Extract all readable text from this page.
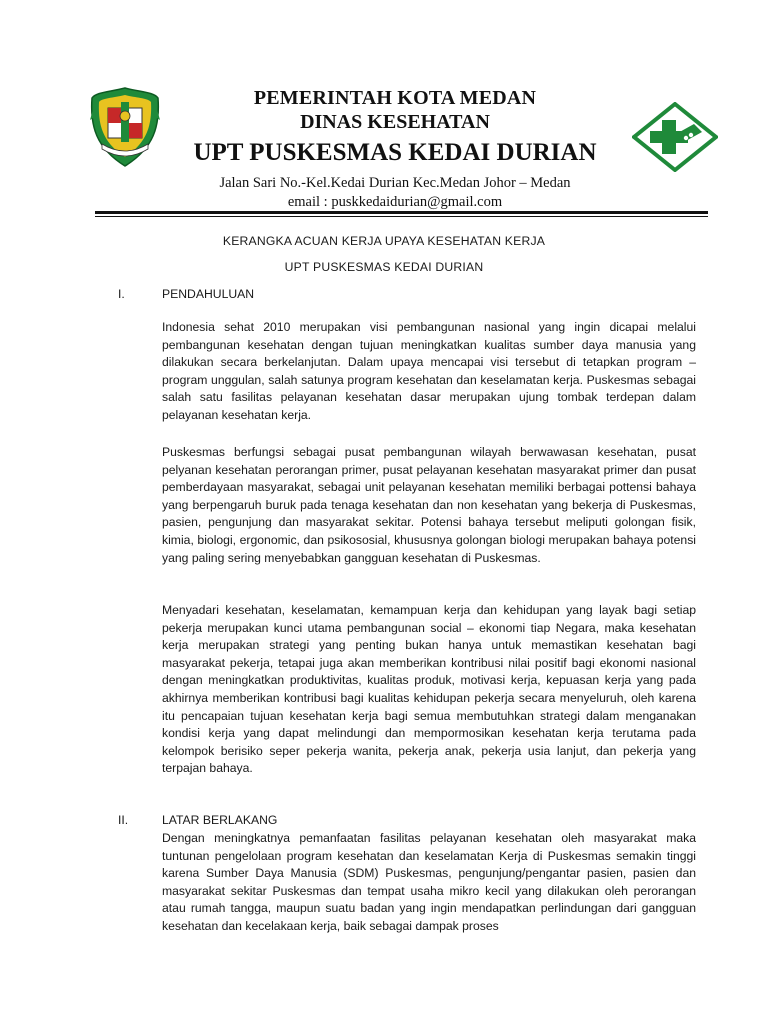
PEMERINTAH KOTA MEDAN
DINAS KESEHATAN
UPT PUSKESMAS KEDAI DURIAN
Jalan Sari No.-Kel.Kedai Durian Kec.Medan Johor – Medan
email : puskkedaidurian@gmail.com
KERANGKA ACUAN KERJA UPAYA KESEHATAN KERJA
UPT PUSKESMAS KEDAI DURIAN
I.	PENDAHULUAN

Indonesia sehat 2010 merupakan visi pembangunan nasional yang ingin dicapai melalui pembangunan kesehatan dengan tujuan meningkatkan kualitas sumber daya manusia yang dilakukan secara berkelanjutan. Dalam upaya mencapai visi tersebut di tetapkan program – program unggulan, salah satunya program kesehatan dan keselamatan kerja. Puskesmas sebagai salah satu fasilitas pelayanan kesehatan dasar merupakan ujung tombak terdepan dalam pelayanan kesehatan kerja.

Puskesmas berfungsi sebagai pusat pembangunan wilayah berwawasan kesehatan, pusat pelyanan kesehatan perorangan primer, pusat pelayanan kesehatan masyarakat primer dan pusat pemberdayaan masyarakat, sebagai unit pelayanan kesehatan memiliki berbagai pottensi bahaya yang berpengaruh buruk pada tenaga kesehatan dan non kesehatan yang bekerja di Puskesmas, pasien, pengunjung dan masyarakat sekitar. Potensi bahaya tersebut meliputi golongan fisik, kimia, biologi, ergonomic, dan psikososial, khususnya golongan biologi merupakan bahaya potensi yang paling sering menyebabkan gangguan kesehatan di Puskesmas.

Menyadari kesehatan, keselamatan, kemampuan kerja dan kehidupan yang layak bagi setiap pekerja merupakan kunci utama pembangunan social – ekonomi tiap Negara, maka kesehatan kerja merupakan strategi yang penting bukan hanya untuk memastikan kesehatan bagi masyarakat pekerja, tetapai juga akan memberikan kontribusi nilai positif bagi ekonomi nasional dengan meningkatkan produktivitas, kualitas produk, motivasi kerja, kepuasan kerja yang pada akhirnya memberikan kontribusi bagi kualitas kehidupan pekerja secara menyeluruh, oleh karena itu pencapaian tujuan kesehatan kerja bagi semua membutuhkan strategi dalam menganakan kondisi kerja yang dapat melindungi dan mempormosikan kesehatan kerja terutama pada kelompok berisiko seper pekerja wanita, pekerja anak, pekerja usia lanjut, dan pekerja yang terpajan bahaya.

II.	LATAR BERLAKANG

Dengan meningkatnya pemanfaatan fasilitas pelayanan kesehatan oleh masyarakat maka tuntunan pengelolaan program kesehatan dan keselamatan Kerja di Puskesmas semakin tinggi karena Sumber Daya Manusia (SDM) Puskesmas, pengunjung/pengantar pasien, pasien dan masyarakat sekitar Puskesmas dan tempat usaha mikro kecil yang dilakukan oleh perorangan atau rumah tangga, maupun suatu badan yang ingin mendapatkan perlindungan dari gangguan kesehatan dan kecelakaan kerja, baik sebagai dampak proses
